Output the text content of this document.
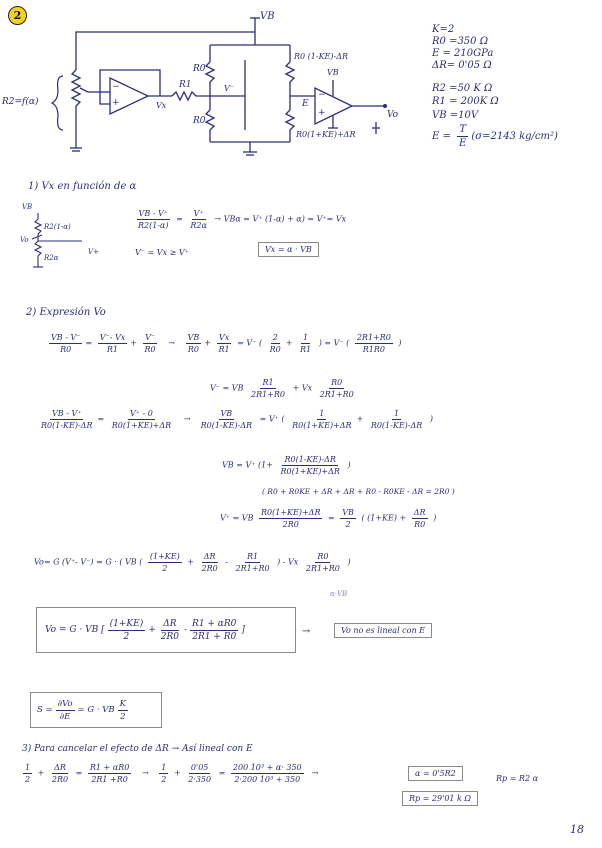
2	VB
R2=f(α)	Vx
R1
R0
R0
V⁻
R0 (1-KE)-ΔR
R0(1+KE)+ΔR
E
VB
Vo
−
+
−
+
K=2
R0 =350 Ω
E = 210GPa
ΔR= 0'05 Ω
R2 =50 K Ω
R1 = 200K Ω
VB =10V
$E = \frac{T}{E} (\sigma=2143$ kg/cm²)
1) Vx en función de α
VB
R2(1-α)
R2α
Vo
V+
$\frac{VB - V^+}{R2(1-\alpha)} = \frac{V^+}{R2\alpha} \to VB\alpha = V^+$ (1-α) + α) = V⁺= Vx
V⁻ = Vx ≥ V⁺	Vx = α · VB
2) Expresión Vo
$\frac{VB - V^-}{R0} = \frac{V^-- Vx}{R1} + \frac{V^-}{R0} \to \frac{VB}{R0} + \frac{Vx}{R1} = V^-$ ( $\frac{2}{R0} + \frac{1}{R1}$ ) = V⁻ ( $\frac{2R1+R0}{R1R0}$ )
V⁻ = VB $\frac{R1}{2R1+R0} + Vx \frac{R0}{2R1+R0}$
$\frac{VB - V^+}{R0(1-KE)-\Delta R} = \frac{V^+ - 0}{R0(1+KE)+\Delta R} \to \frac{VB}{R0(1-KE)-\Delta R} = V^+$ ( $\frac{1}{R0(1+KE)+\Delta R} + \frac{1}{R0(1-KE)-\Delta R}$ )
VB = V⁺ ($1+ \frac{R0(1-KE)-\Delta R}{R0(1+KE)+\Delta R}$ )
( R0 + R0KE + ΔR + ΔR + R0 - R0KE - ΔR = 2R0 )
V⁺ = VB $\frac{R0(1+KE)+\Delta R}{2R0} = \frac{VB}{2}$ ( $(1+KE) + \frac{\Delta R}{R0}$ )
Vo= G (V⁺- V⁻) = G · ( VB ( $\frac{(1+KE)}{2} + \frac{\Delta R}{2R0} - \frac{R1}{2R1+R0}$ ) - Vx $\frac{R0}{2R1+R0}$ )
α·VB
Vo = G · VB [ $\frac{(1+KE)}{2} + \frac{\Delta R}{2R0} - \frac{R1 + \alpha R0}{2R1 + R0}$ ]	→	Vo no es lineal con E
$S = \frac{\partial Vo}{\partial E} = G$ · VB $\frac{K}{2}$
3) Para cancelar el efecto de ΔR → Así lineal con E
$\frac{1}{2} + \frac{\Delta R}{2R0} = \frac{R1 + \alpha R0}{2R1 +R0} \to \frac{1}{2} + \frac{0'05}{2\cdot 350} = \frac{\text{200 10³ + α· 350}}{\text{2·200 10³ + 350}}$ →	α = 0'5R2
Rp = 29'01 k Ω
Rp = R2 α
18
